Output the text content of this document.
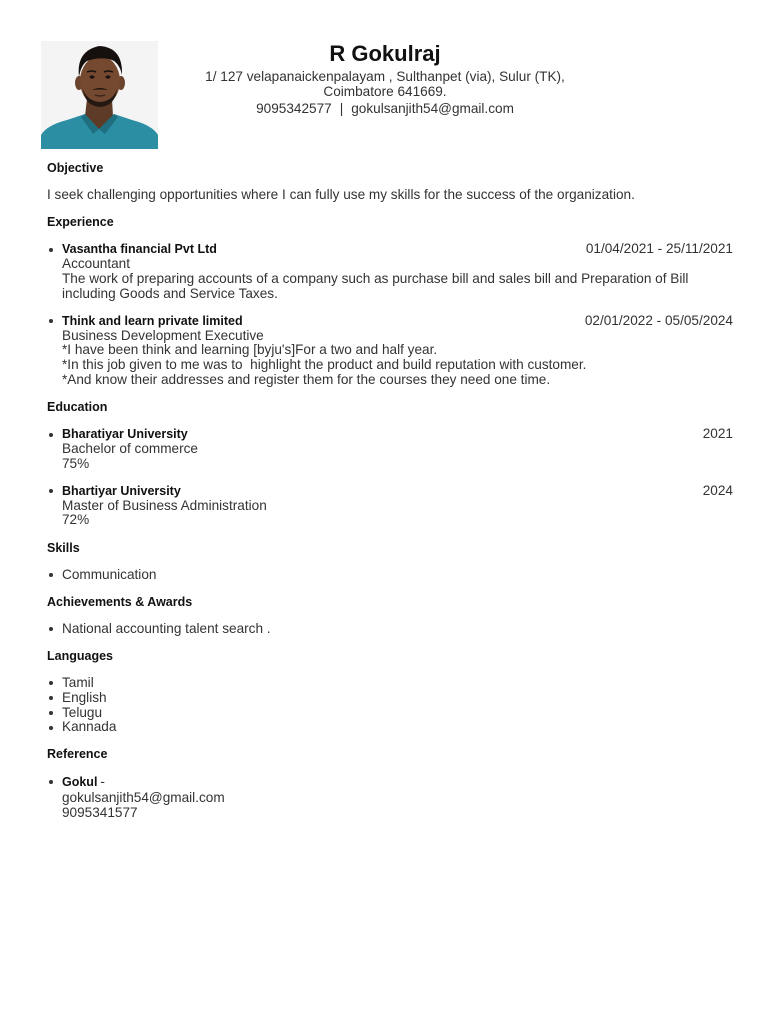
R Gokulraj
1/ 127 velapanaickenpalayam , Sulthanpet (via), Sulur (TK),
Coimbatore 641669.
9095342577 | gokulsanjith54@gmail.com
Objective
I seek challenging opportunities where I can fully use my skills for the success of the organization.
Experience
Vasantha financial Pvt Ltd	01/04/2021 - 25/11/2021
Accountant
The work of preparing accounts of a company such as purchase bill and sales bill and Preparation of Bill including Goods and Service Taxes.
Think and learn private limited	02/01/2022 - 05/05/2024
Business Development Executive
*I have been think and learning [byju's]For a two and half year.
*In this job given to me was to  highlight the product and build reputation with customer.
*And know their addresses and register them for the courses they need one time.
Education
Bharatiyar University	2021
Bachelor of commerce
75%
Bhartiyar University	2024
Master of Business Administration
72%
Skills
Communication
Achievements & Awards
National accounting talent search .
Languages
Tamil
English
Telugu
Kannada
Reference
Gokul -
gokulsanjith54@gmail.com
9095341577
